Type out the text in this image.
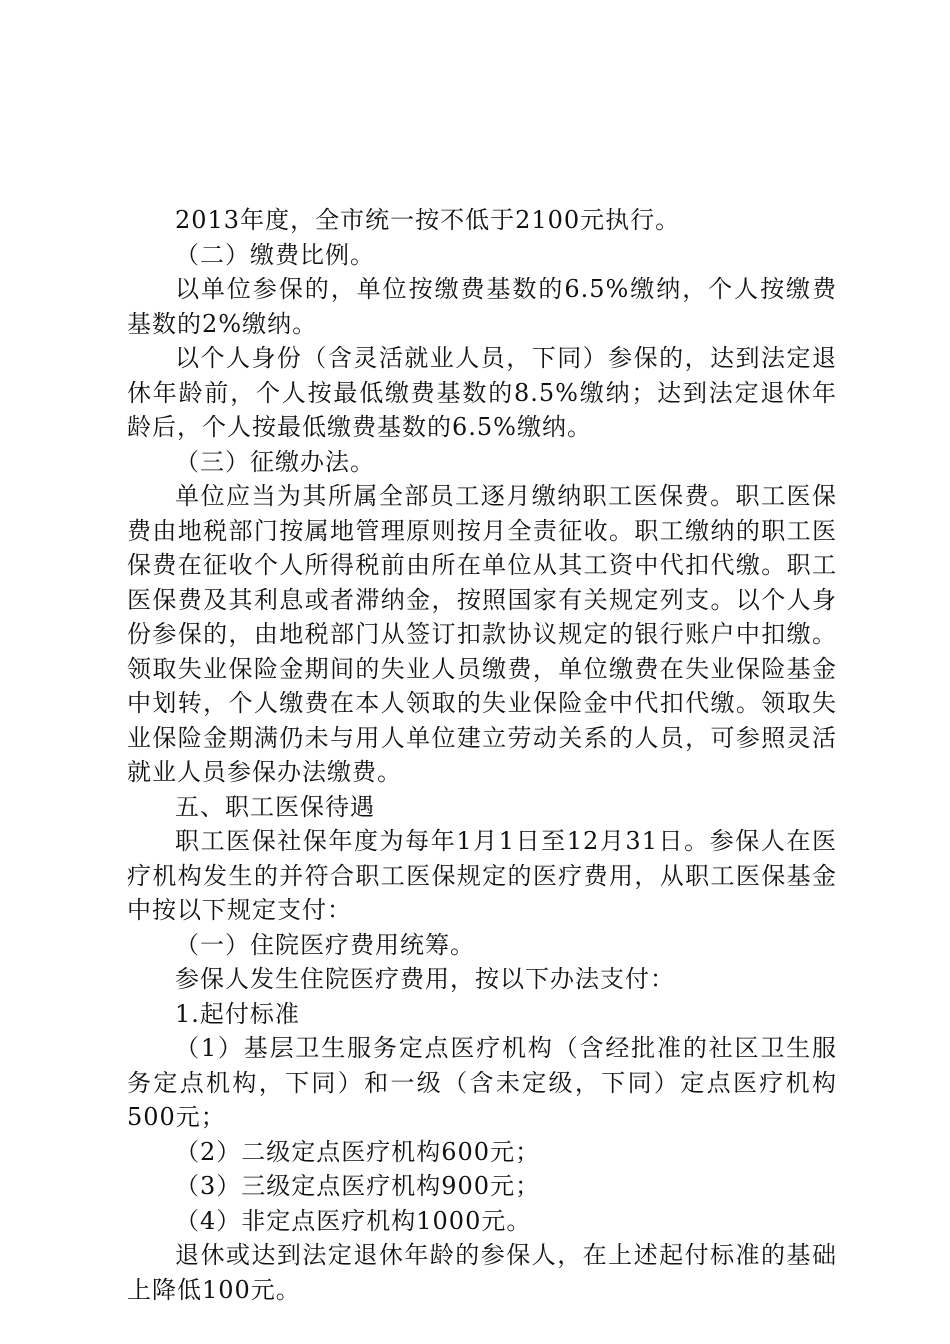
2013年度，全市统一按不低于2100元执行。

（二）缴费比例。

以单位参保的，单位按缴费基数的6.5%缴纳，个人按缴费基数的2%缴纳。

以个人身份（含灵活就业人员，下同）参保的，达到法定退休年龄前，个人按最低缴费基数的8.5%缴纳；达到法定退休年龄后，个人按最低缴费基数的6.5%缴纳。

（三）征缴办法。

单位应当为其所属全部员工逐月缴纳职工医保费。职工医保费由地税部门按属地管理原则按月全责征收。职工缴纳的职工医保费在征收个人所得税前由所在单位从其工资中代扣代缴。职工医保费及其利息或者滞纳金，按照国家有关规定列支。以个人身份参保的，由地税部门从签订扣款协议规定的银行账户中扣缴。领取失业保险金期间的失业人员缴费，单位缴费在失业保险基金中划转，个人缴费在本人领取的失业保险金中代扣代缴。领取失业保险金期满仍未与用人单位建立劳动关系的人员，可参照灵活就业人员参保办法缴费。

五、职工医保待遇

职工医保社保年度为每年1月1日至12月31日。参保人在医疗机构发生的并符合职工医保规定的医疗费用，从职工医保基金中按以下规定支付：

（一）住院医疗费用统筹。

参保人发生住院医疗费用，按以下办法支付：

1.起付标准

（1）基层卫生服务定点医疗机构（含经批准的社区卫生服务定点机构，下同）和一级（含未定级，下同）定点医疗机构500元；

（2）二级定点医疗机构600元；

（3）三级定点医疗机构900元；

（4）非定点医疗机构1000元。

退休或达到法定退休年龄的参保人，在上述起付标准的基础上降低100元。
